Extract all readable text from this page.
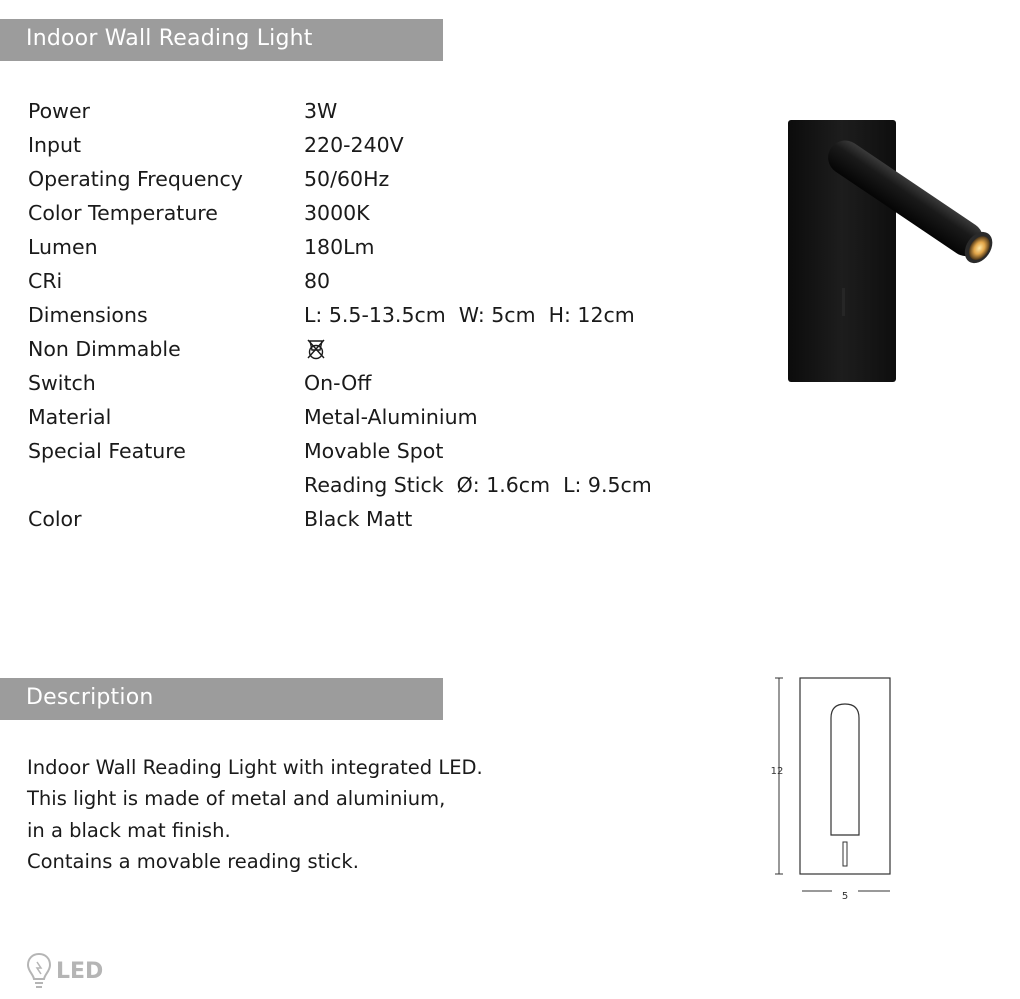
Indoor Wall Reading Light
Power	3W
Input	220-240V
Operating Frequency	50/60Hz
Color Temperature	3000K
Lumen	180Lm
CRi	80
Dimensions	L: 5.5-13.5cm  W: 5cm  H: 12cm
Non Dimmable
Switch	On-Off
Material	Metal-Aluminium
Special Feature	Movable Spot
Reading Stick  Ø: 1.6cm  L: 9.5cm
Color	Black Matt
Description
Indoor Wall Reading Light with integrated LED.
This light is made of metal and aluminium,
in a black mat finish.
Contains a movable reading stick.
12
5
LED
